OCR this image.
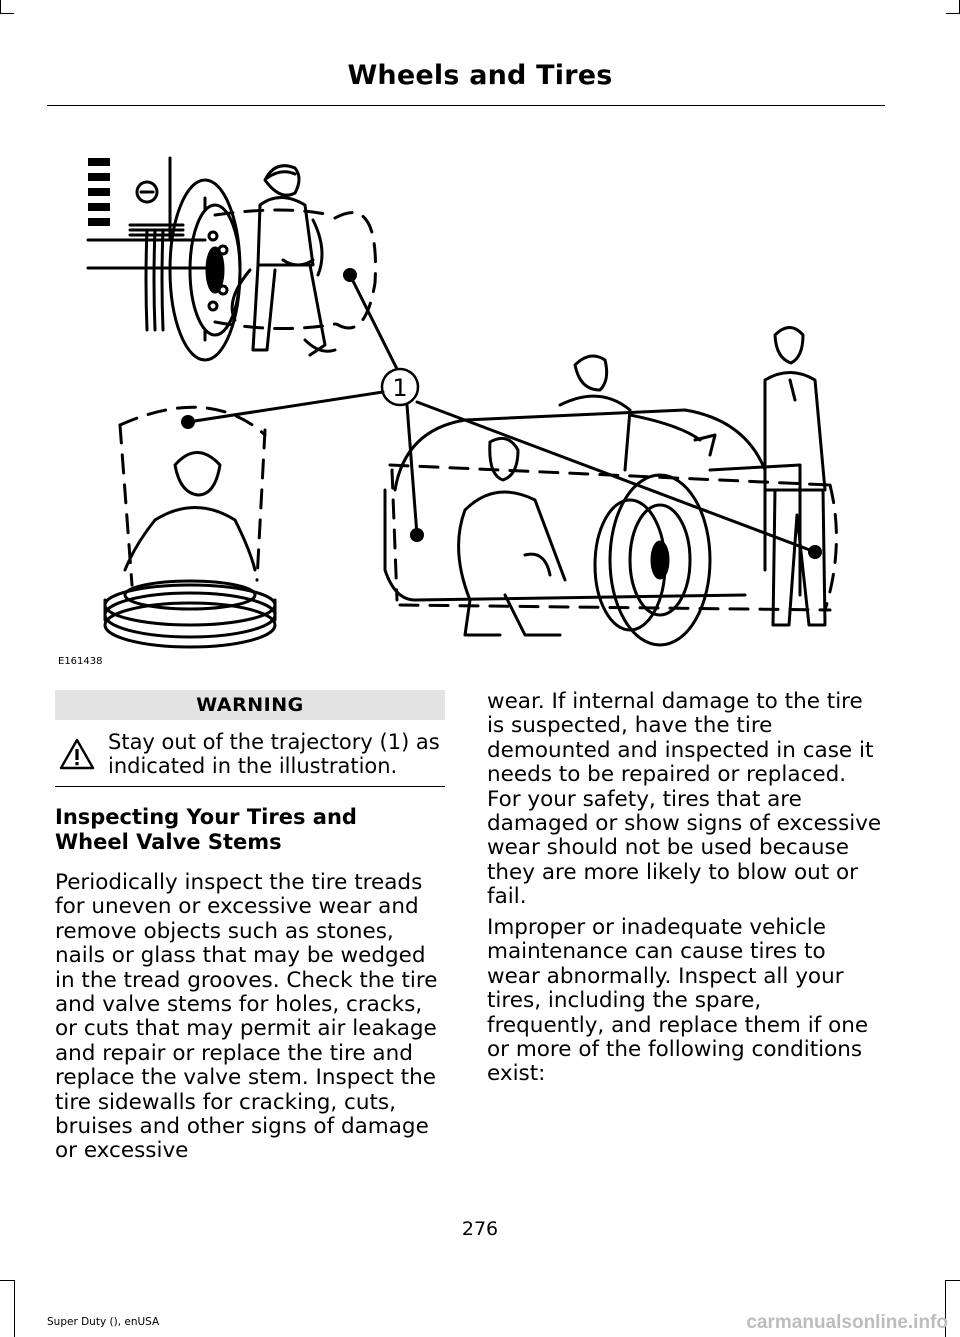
Wheels and Tires
1
E161438
WARNING
Stay out of the trajectory (1) as indicated in the illustration.
Inspecting Your Tires and Wheel Valve Stems
Periodically inspect the tire treads for uneven or excessive wear and remove objects such as stones, nails or glass that may be wedged in the tread grooves. Check the tire and valve stems for holes, cracks, or cuts that may permit air leakage and repair or replace the tire and replace the valve stem. Inspect the tire sidewalls for cracking, cuts, bruises and other signs of damage or excessive
wear. If internal damage to the tire is suspected, have the tire demounted and inspected in case it needs to be repaired or replaced. For your safety, tires that are damaged or show signs of excessive wear should not be used because they are more likely to blow out or fail.
Improper or inadequate vehicle maintenance can cause tires to wear abnormally. Inspect all your tires, including the spare, frequently, and replace them if one or more of the following conditions exist:
276
Super Duty (), enUSA	carmanualsonline.info
